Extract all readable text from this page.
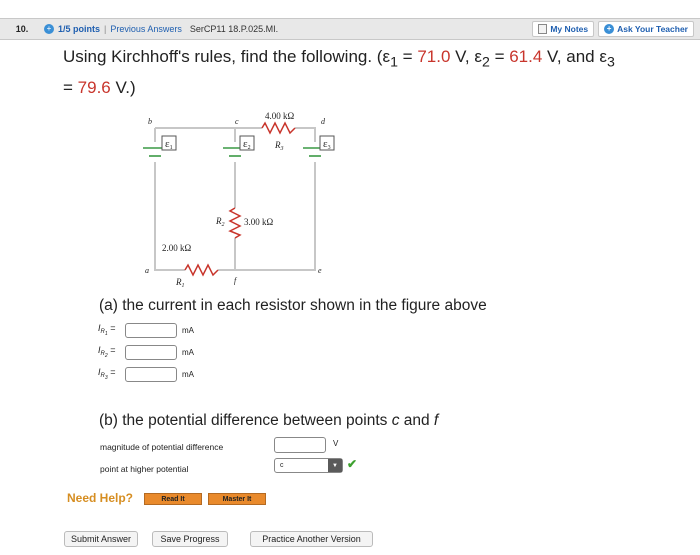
10.	+ 1/5 points | Previous Answers SerCP11 18.P.025.MI.	My Notes	+ Ask Your Teacher
Using Kirchhoff's rules, find the following. ($\varepsilon_1 = 71.0$ V, $\varepsilon_2 = 61.4$ V, and $\varepsilon_3$
= 79.6 V.)
ε1	ε2	ε3
4.00 kΩ
$R_3$
$R_2$ 3.00 kΩ
2.00 kΩ
$R_1$
b	c	d
a
f
e
(a) the current in each resistor shown in the figure above
$I_{R_1}$ =	mA
$I_{R_2}$ =	mA
$I_{R_3}$ =	mA
(b) the potential difference between points c and f
magnitude of potential difference	V
point at higher potential	c	▼ ✔
Need Help?	Read It	Master It
Submit Answer	Save Progress	Practice Another Version
